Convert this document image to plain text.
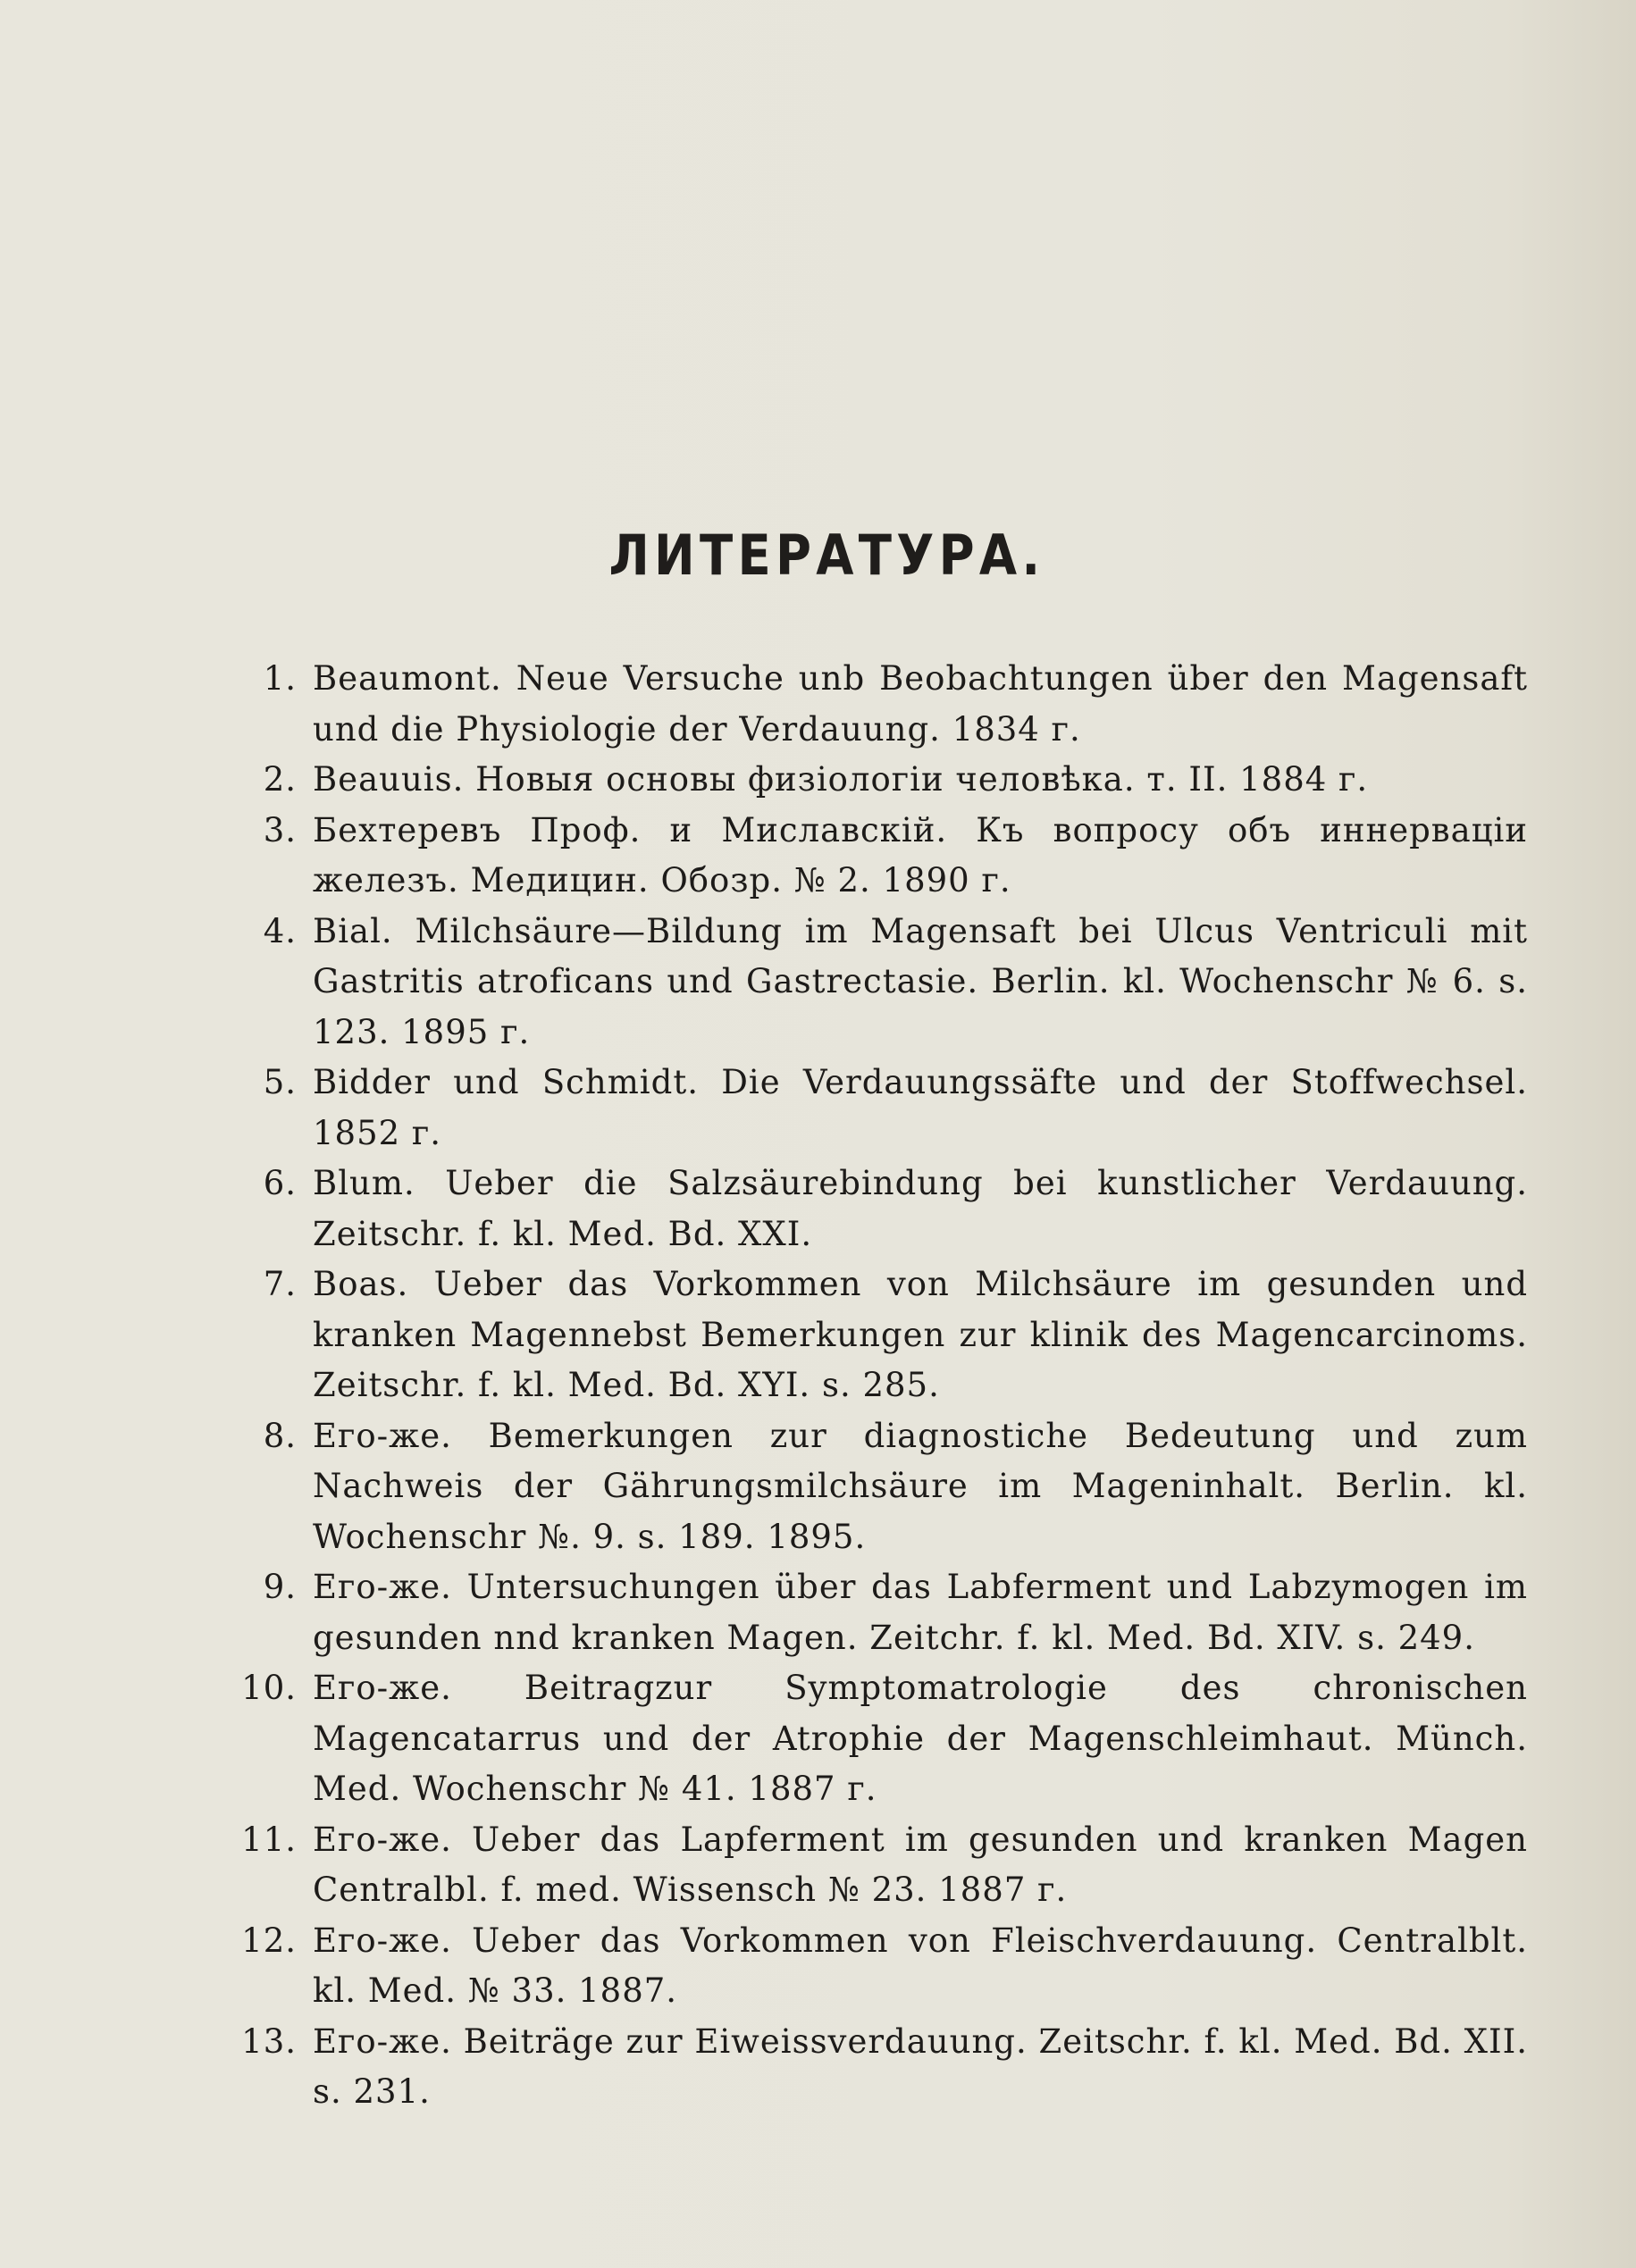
ЛИТЕРАТУРА.
1. Beaumont. Neue Versuche unb Beobachtungen über den Magensaft und die Physiologie der Verdauung. 1834 г.
2. Beauuis. Новыя основы физiологiи человѣка. т. II. 1884 г.
3. Бехтеревъ Проф. и Миславскiй. Къ вопросу объ иннервацiи железъ. Медицин. Обозр. № 2. 1890 г.
4. Bial. Milchsäure—Bildung im Magensaft bei Ulcus Ventriculi mit Gastritis atroficans und Gastrectasie. Berlin. kl. Wochenschr № 6. s. 123. 1895 г.
5. Bidder und Schmidt. Die Verdauungssäfte und der Stoffwechsel. 1852 г.
6. Blum. Ueber die Salzsäurebindung bei kunstlicher Verdauung. Zeitschr. f. kl. Med. Bd. XXI.
7. Boas. Ueber das Vorkommen von Milchsäure im gesunden und kranken Magennebst Bemerkungen zur klinik des Magencarcinoms. Zeitschr. f. kl. Med. Bd. XYI. s. 285.
8. Его-же. Bemerkungen zur diagnostiche Bedeutung und zum Nachweis der Gährungsmilchsäure im Mageninhalt. Berlin. kl. Wochenschr №. 9. s. 189. 1895.
9. Его-же. Untersuchungen über das Labferment und Labzymogen im gesunden nnd kranken Magen. Zeitchr. f. kl. Med. Bd. XIV. s. 249.
10. Его-же. Beitragzur Symptomatrologie des chronischen Magencatarrus und der Atrophie der Magenschleimhaut. Münch. Med. Wochenschr № 41. 1887 г.
11. Его-же. Ueber das Lapferment im gesunden und kranken Magen Centralbl. f. med. Wissensch № 23. 1887 г.
12. Его-же. Ueber das Vorkommen von Fleischverdauung. Centralblt. kl. Med. № 33. 1887.
13. Его-же. Beiträge zur Eiweissverdauung. Zeitschr. f. kl. Med. Bd. XII. s. 231.
